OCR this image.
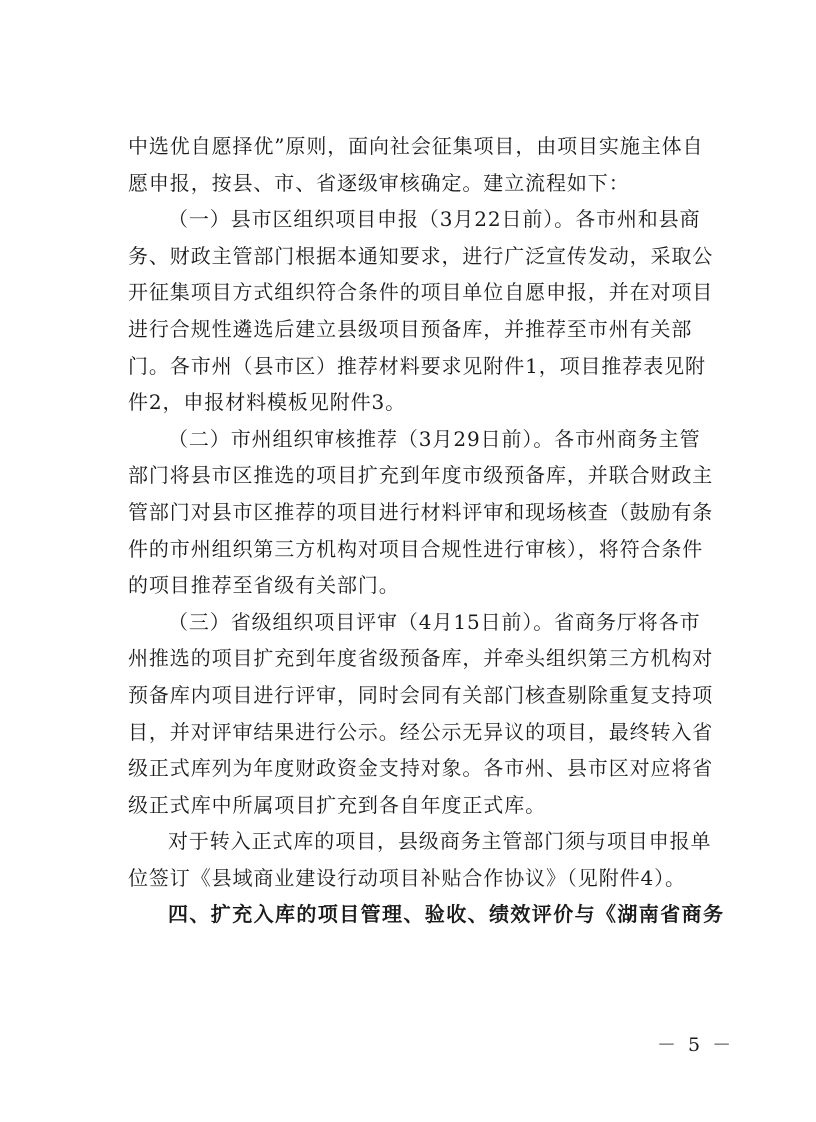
中选优自愿择优”原则，面向社会征集项目，由项目实施主体自
愿申报，按县、市、省逐级审核确定。建立流程如下：
（一）县市区组织项目申报（3月22日前）。各市州和县商
务、财政主管部门根据本通知要求，进行广泛宣传发动，采取公
开征集项目方式组织符合条件的项目单位自愿申报，并在对项目
进行合规性遴选后建立县级项目预备库，并推荐至市州有关部
门。各市州（县市区）推荐材料要求见附件1，项目推荐表见附
件2，申报材料模板见附件3。
（二）市州组织审核推荐（3月29日前）。各市州商务主管
部门将县市区推选的项目扩充到年度市级预备库，并联合财政主
管部门对县市区推荐的项目进行材料评审和现场核查（鼓励有条
件的市州组织第三方机构对项目合规性进行审核），将符合条件
的项目推荐至省级有关部门。
（三）省级组织项目评审（4月15日前）。省商务厅将各市
州推选的项目扩充到年度省级预备库，并牵头组织第三方机构对
预备库内项目进行评审，同时会同有关部门核查剔除重复支持项
目，并对评审结果进行公示。经公示无异议的项目，最终转入省
级正式库列为年度财政资金支持对象。各市州、县市区对应将省
级正式库中所属项目扩充到各自年度正式库。
对于转入正式库的项目，县级商务主管部门须与项目申报单
位签订《县域商业建设行动项目补贴合作协议》（见附件4）。
四、扩充入库的项目管理、验收、绩效评价与《湖南省商务
－ 5 －
